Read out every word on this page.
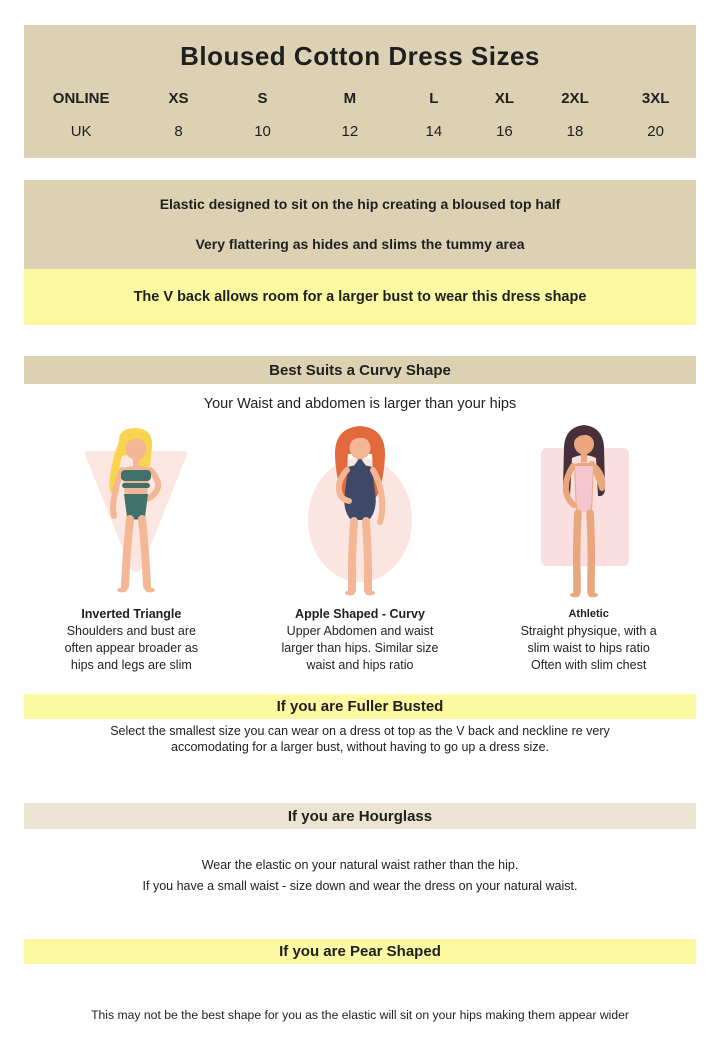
Bloused Cotton Dress Sizes
ONLINE	XS	S	M	L	XL	2XL	3XL
UK	8	10	12	14	16	18	20
Elastic designed to sit on the hip creating a bloused top half
Very flattering as hides and slims the tummy area
The V back allows room for a larger bust to wear this dress shape
Best Suits a Curvy Shape
Your Waist and abdomen is larger than your hips
Inverted Triangle
Shoulders and bust are
often appear broader as
hips and legs are slim
Apple Shaped - Curvy
Upper Abdomen and waist
larger than hips. Similar size
waist and hips ratio
Athletic
Straight physique, with a
slim waist to hips ratio
Often with slim chest
If you are Fuller Busted
Select the smallest size you can wear on a dress ot top as the V back and neckline re very
accomodating for a larger bust, without having to go up a dress size.
If you are Hourglass
Wear the elastic on your natural waist rather than the hip.
If you have a small waist - size down and wear the dress on your natural waist.
If you are Pear Shaped
This may not be the best shape for you as the elastic will sit on your hips making them appear wider
